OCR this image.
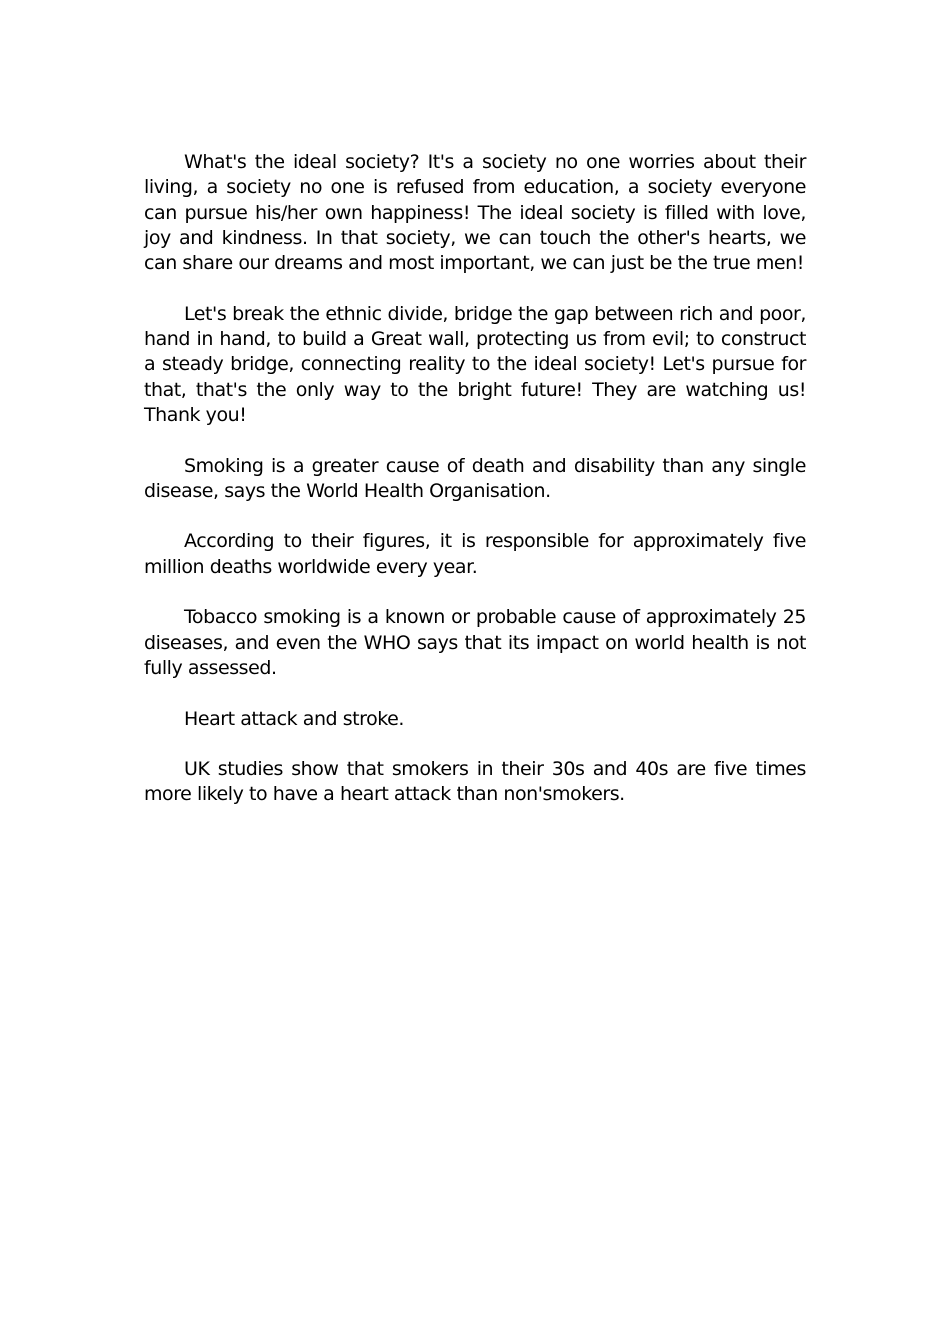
What's the ideal society? It's a society no one worries about their living, a society no one is refused from education, a society everyone can pursue his/her own happiness! The ideal society is filled with love, joy and kindness. In that society, we can touch the other's hearts, we can share our dreams and most important, we can just be the true men!

Let's break the ethnic divide, bridge the gap between rich and poor, hand in hand, to build a Great wall, protecting us from evil; to construct a steady bridge, connecting reality to the ideal society! Let's pursue for that, that's the only way to the bright future! They are watching us! Thank you!

Smoking is a greater cause of death and disability than any single disease, says the World Health Organisation.

According to their figures, it is responsible for approximately five million deaths worldwide every year.

Tobacco smoking is a known or probable cause of approximately 25 diseases, and even the WHO says that its impact on world health is not fully assessed.

Heart attack and stroke.

UK studies show that smokers in their 30s and 40s are five times more likely to have a heart attack than non'smokers.
